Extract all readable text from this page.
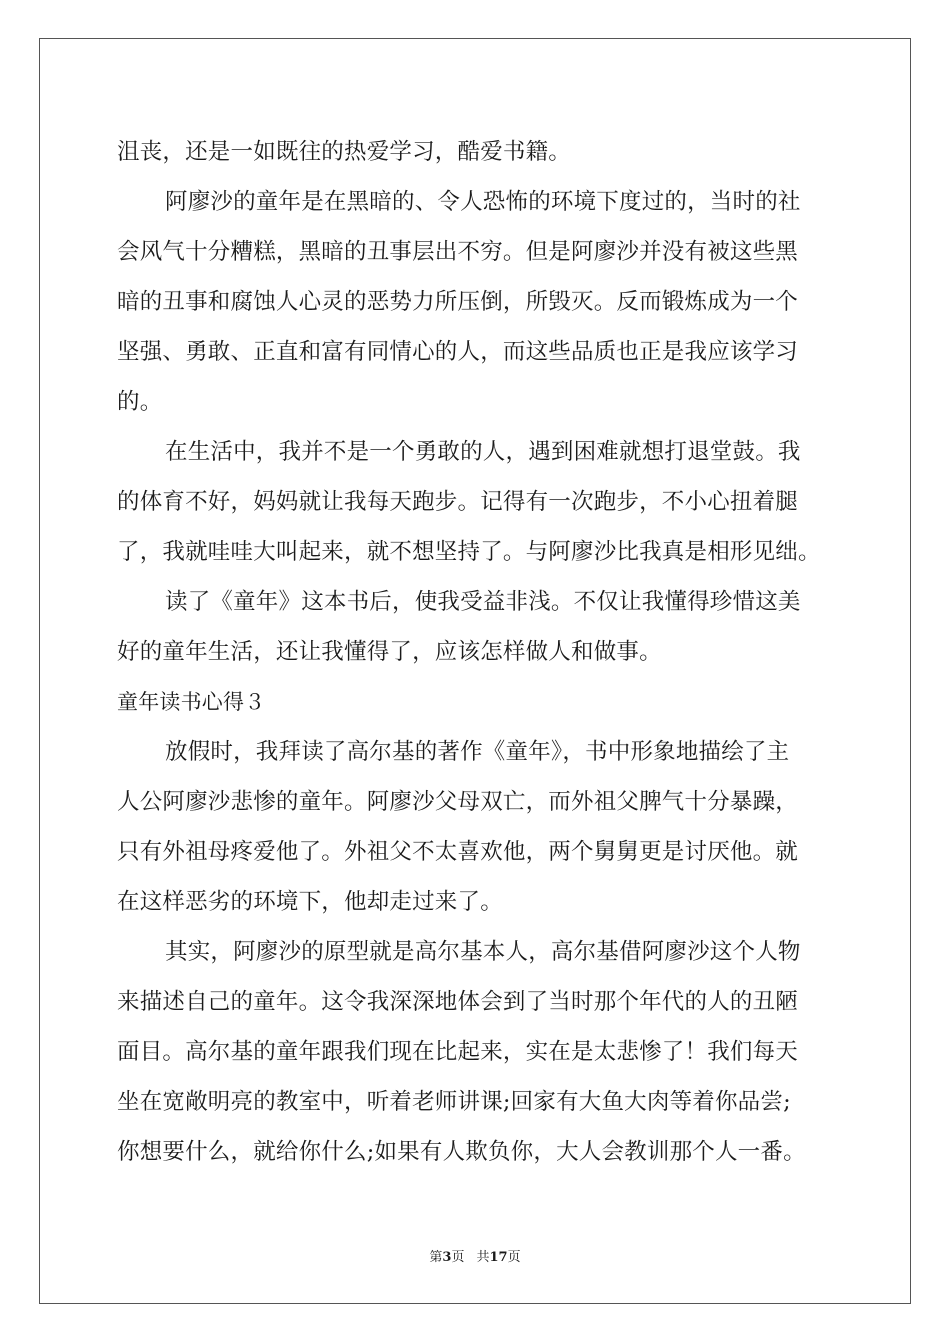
沮丧，还是一如既往的热爱学习，酷爱书籍。
阿廖沙的童年是在黑暗的、令人恐怖的环境下度过的，当时的社
会风气十分糟糕，黑暗的丑事层出不穷。但是阿廖沙并没有被这些黑
暗的丑事和腐蚀人心灵的恶势力所压倒，所毁灭。反而锻炼成为一个
坚强、勇敢、正直和富有同情心的人，而这些品质也正是我应该学习
的。
在生活中，我并不是一个勇敢的人，遇到困难就想打退堂鼓。我
的体育不好，妈妈就让我每天跑步。记得有一次跑步，不小心扭着腿
了，我就哇哇大叫起来，就不想坚持了。与阿廖沙比我真是相形见绌。
读了《童年》这本书后，使我受益非浅。不仅让我懂得珍惜这美
好的童年生活，还让我懂得了，应该怎样做人和做事。
童年读书心得３
放假时，我拜读了高尔基的著作《童年》，书中形象地描绘了主
人公阿廖沙悲惨的童年。阿廖沙父母双亡，而外祖父脾气十分暴躁，
只有外祖母疼爱他了。外祖父不太喜欢他，两个舅舅更是讨厌他。就
在这样恶劣的环境下，他却走过来了。
其实，阿廖沙的原型就是高尔基本人，高尔基借阿廖沙这个人物
来描述自己的童年。这令我深深地体会到了当时那个年代的人的丑陋
面目。高尔基的童年跟我们现在比起来，实在是太悲惨了！我们每天
坐在宽敞明亮的教室中，听着老师讲课;回家有大鱼大肉等着你品尝;
你想要什么，就给你什么;如果有人欺负你，大人会教训那个人一番。
第3页 共17页
